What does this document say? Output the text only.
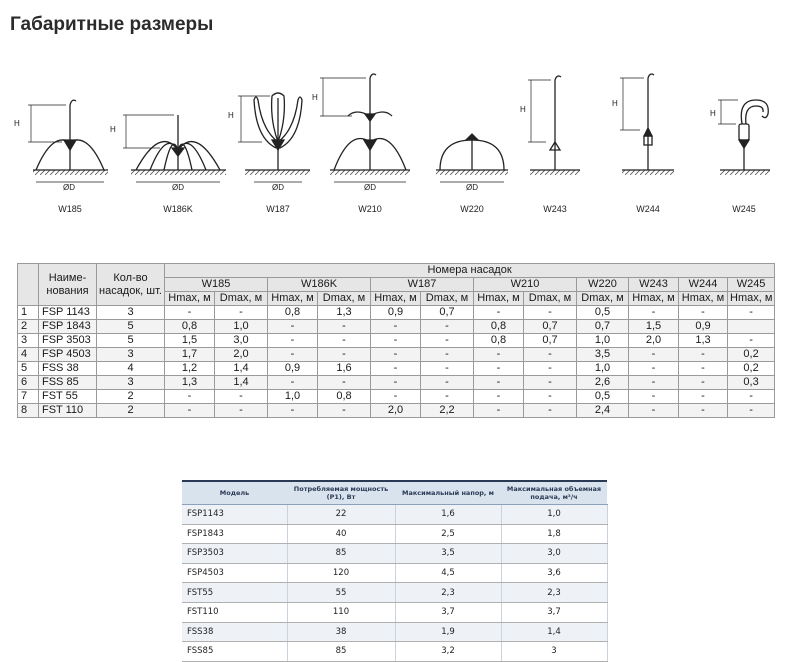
Габаритные размеры
H
ØD
W185
H
ØD
W186K
H
ØD
W187
H
ØD
W210
ØD
W220
H
W243
H
W244
H
W245
	Наиме-нования	Кол-во насадок, шт.	Номера насадок											
			W185		W186K		W187		W210		W220	W243	W244	W245
			Hmax, м	Dmax, м	Hmax, м	Dmax, м	Hmax, м	Dmax, м	Hmax, м	Dmax, м	Dmax, м	Hmax, м	Hmax, м	Hmax, м
1	FSP 1143	3	-	-	0,8	1,3	0,9	0,7	-	-	0,5	-	-	-
2	FSP 1843	5	0,8	1,0	-	-	-	-	0,8	0,7	0,7	1,5	0,9	
3	FSP 3503	5	1,5	3,0	-	-	-	-	0,8	0,7	1,0	2,0	1,3	-
4	FSP 4503	3	1,7	2,0	-	-	-	-	-	-	3,5	-	-	0,2
5	FSS 38	4	1,2	1,4	0,9	1,6	-	-	-	-	1,0	-	-	0,2
6	FSS 85	3	1,3	1,4	-	-	-	-	-	-	2,6	-	-	0,3
7	FST 55	2	-	-	1,0	0,8	-	-	-	-	0,5	-	-	-
8	FST 110	2	-	-	-	-	2,0	2,2	-	-	2,4	-	-	-
Модель	Потребляемая мощность (P1), Вт	Максимальный напор, м	Максимальная объемная подача, м³/ч
FSP1143	22	1,6	1,0
FSP1843	40	2,5	1,8
FSP3503	85	3,5	3,0
FSP4503	120	4,5	3,6
FST55	55	2,3	2,3
FST110	110	3,7	3,7
FSS38	38	1,9	1,4
FSS85	85	3,2	3
